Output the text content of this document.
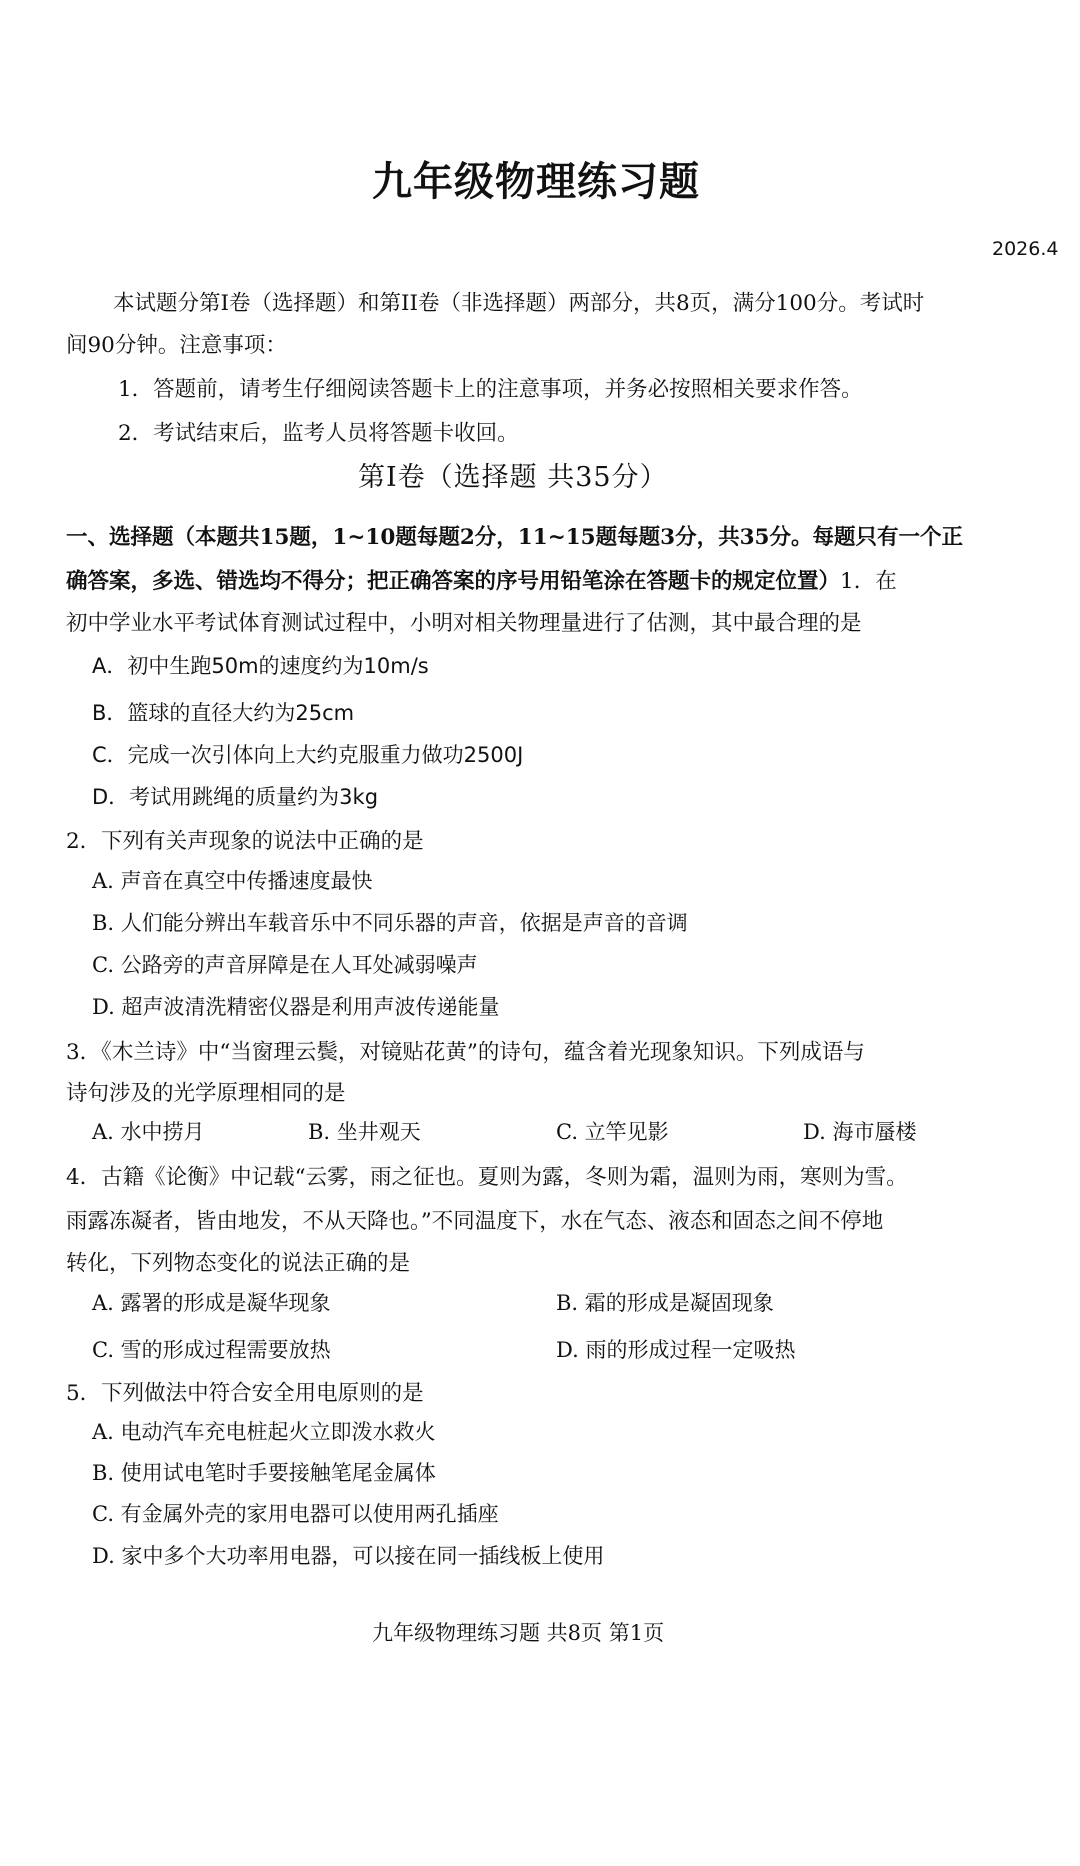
九年级物理练习题
2026.4
本试题分第I卷（选择题）和第II卷（非选择题）两部分，共8页，满分100分。考试时
间90分钟。注意事项：
1．答题前，请考生仔细阅读答题卡上的注意事项，并务必按照相关要求作答。
2．考试结束后，监考人员将答题卡收回。
第I卷（选择题 共35分）
一、选择题（本题共15题，1~10题每题2分，11~15题每题3分，共35分。每题只有一个正
确答案，多选、错选均不得分；把正确答案的序号用铅笔涂在答题卡的规定位置）1．在
初中学业水平考试体育测试过程中，小明对相关物理量进行了估测，其中最合理的是
A．初中生跑50m的速度约为10m/s
B．篮球的直径大约为25cm
C．完成一次引体向上大约克服重力做功2500J
D．考试用跳绳的质量约为3kg
2．下列有关声现象的说法中正确的是
A. 声音在真空中传播速度最快
B. 人们能分辨出车载音乐中不同乐器的声音，依据是声音的音调
C. 公路旁的声音屏障是在人耳处减弱噪声
D. 超声波清洗精密仪器是利用声波传递能量
3．《木兰诗》中“当窗理云鬓，对镜贴花黄”的诗句，蕴含着光现象知识。下列成语与
诗句涉及的光学原理相同的是
A. 水中捞月	B. 坐井观天	C. 立竿见影	D. 海市蜃楼
4．古籍《论衡》中记载“云雾，雨之征也。夏则为露，冬则为霜，温则为雨，寒则为雪。
雨露冻凝者，皆由地发，不从天降也。”不同温度下，水在气态、液态和固态之间不停地
转化，下列物态变化的说法正确的是
A. 露署的形成是凝华现象	B. 霜的形成是凝固现象
C. 雪的形成过程需要放热	D. 雨的形成过程一定吸热
5．下列做法中符合安全用电原则的是
A. 电动汽车充电桩起火立即泼水救火
B. 使用试电笔时手要接触笔尾金属体
C. 有金属外壳的家用电器可以使用两孔插座
D. 家中多个大功率用电器，可以接在同一插线板上使用
九年级物理练习题 共8页 第1页
